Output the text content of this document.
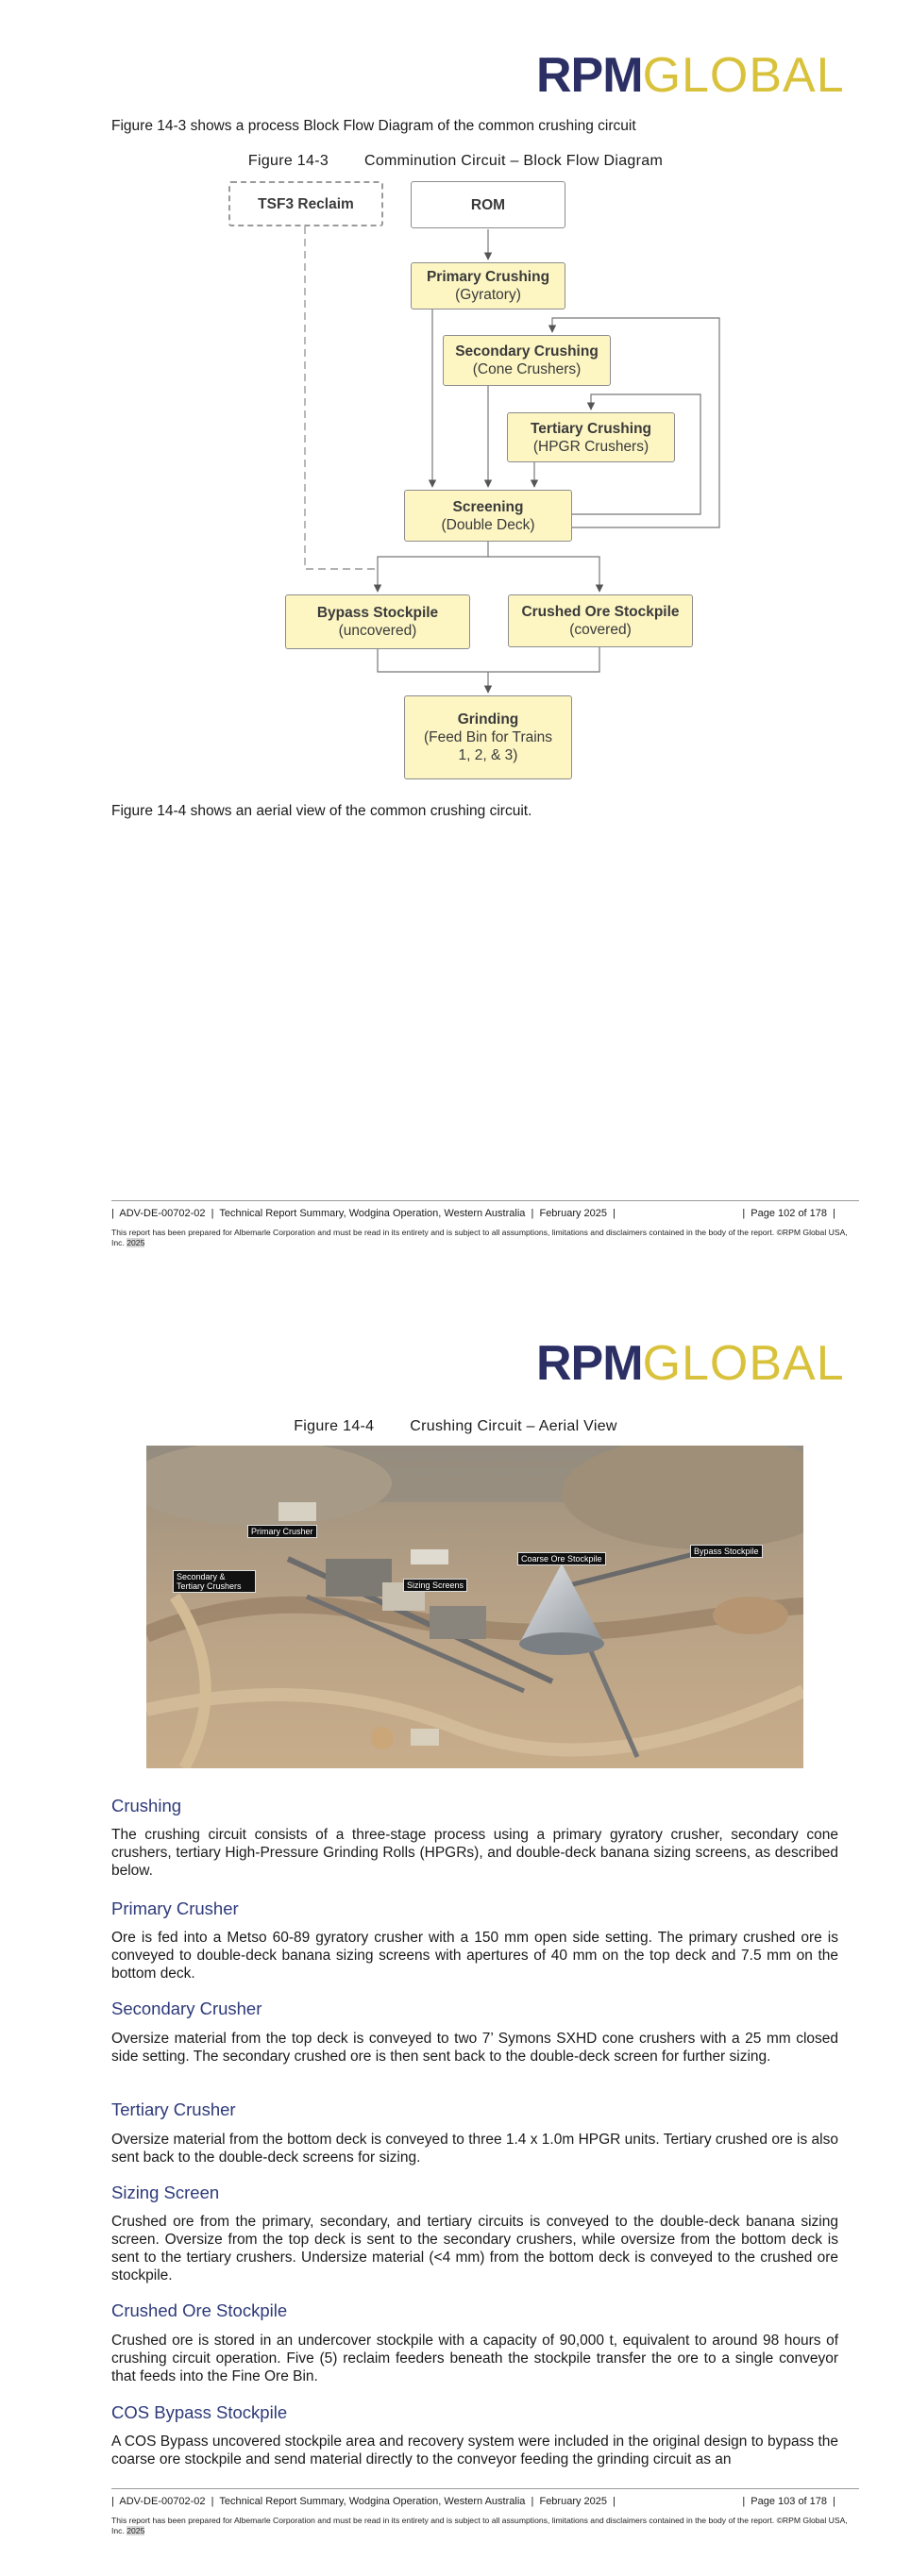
RPMGLOBAL

Figure 14-3 shows a process Block Flow Diagram of the common crushing circuit

Figure 14-3        Comminution Circuit – Block Flow Diagram
TSF3 Reclaim	ROM
Primary Crushing
(Gyratory)
Secondary Crushing
(Cone Crushers)
Tertiary Crushing
(HPGR Crushers)
Screening
(Double Deck)
Bypass Stockpile
(uncovered)
Crushed Ore Stockpile
(covered)
Grinding
(Feed Bin for Trains 1, 2, & 3)

Figure 14-4 shows an aerial view of the common crushing circuit.

|  ADV-DE-00702-02  |  Technical Report Summary, Wodgina Operation, Western Australia  |  February 2025  |	|  Page 102 of 178  |
This report has been prepared for Albemarle Corporation and must be read in its entirety and is subject to all assumptions, limitations and disclaimers contained in the body of the report. ©RPM Global USA, Inc. 2025
RPMGLOBAL
Figure 14-4        Crushing Circuit – Aerial View
Primary Crusher
Secondary & Tertiary Crushers	Sizing Screens
Coarse Ore Stockpile
Bypass Stockpile
Crushing

The crushing circuit consists of a three-stage process using a primary gyratory crusher, secondary cone crushers, tertiary High-Pressure Grinding Rolls (HPGRs), and double-deck banana sizing screens, as described below.

Primary Crusher

Ore is fed into a Metso 60-89 gyratory crusher with a 150 mm open side setting. The primary crushed ore is conveyed to double-deck banana sizing screens with apertures of 40 mm on the top deck and 7.5 mm on the bottom deck.

Secondary Crusher

Oversize material from the top deck is conveyed to two 7’ Symons SXHD cone crushers with a 25 mm closed side setting. The secondary crushed ore is then sent back to the double-deck screen for further sizing.

Tertiary Crusher

Oversize material from the bottom deck is conveyed to three 1.4 x 1.0m HPGR units. Tertiary crushed ore is also sent back to the double-deck screens for sizing.

Sizing Screen

Crushed ore from the primary, secondary, and tertiary circuits is conveyed to the double-deck banana sizing screen. Oversize from the top deck is sent to the secondary crushers, while oversize from the bottom deck is sent to the tertiary crushers. Undersize material (<4 mm) from the bottom deck is conveyed to the crushed ore stockpile.

Crushed Ore Stockpile

Crushed ore is stored in an undercover stockpile with a capacity of 90,000 t, equivalent to around 98 hours of crushing circuit operation. Five (5) reclaim feeders beneath the stockpile transfer the ore to a single conveyor that feeds into the Fine Ore Bin.

COS Bypass Stockpile

A COS Bypass uncovered stockpile area and recovery system were included in the original design to bypass the coarse ore stockpile and send material directly to the conveyor feeding the grinding circuit as an

|  ADV-DE-00702-02  |  Technical Report Summary, Wodgina Operation, Western Australia  |  February 2025  |	|  Page 103 of 178  |
This report has been prepared for Albemarle Corporation and must be read in its entirety and is subject to all assumptions, limitations and disclaimers contained in the body of the report. ©RPM Global USA, Inc. 2025
